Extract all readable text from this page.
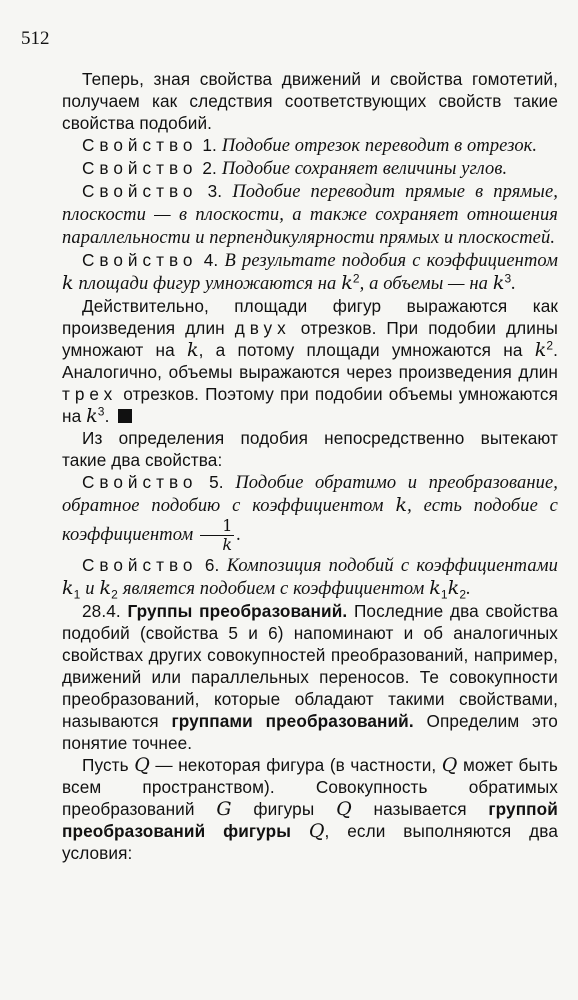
512

Теперь, зная свойства движений и свойства гомотетий, получаем как следствия соответствующих свойств такие свойства подобий.

Свойство 1. Подобие отрезок переводит в отрезок.

Свойство 2. Подобие сохраняет величины углов.

Свойство 3. Подобие переводит прямые в прямые, плоскости — в плоскости, а также сохраняет отношения параллельности и перпендикулярности прямых и плоскостей.

Свойство 4. В результате подобия с коэффициентом k площади фигур умножаются на $k^2$, а объемы — на $k^3$.

Действительно, площади фигур выражаются как произведения длин двух отрезков. При подобии длины умножают на k, а потому площади умножаются на $k^2$. Аналогично, объемы выражаются через произведения длин трех отрезков. Поэтому при подобии объемы умножаются на $k^3$.

Из определения подобия непосредственно вытекают такие два свойства:

Свойство 5. Подобие обратимо и преобразование, обратное подобию с коэффициентом k, есть подобие с коэффициентом $\frac{1}{k}$ .

Свойство 6. Композиция подобий с коэффициентами $k_1$ и $k_2$ является подобием с коэффициентом $k_1k_2$.

28.4. Группы преобразований. Последние два свойства подобий (свойства 5 и 6) напоминают и об аналогичных свойствах других совокупностей преобразований, например, движений или параллельных переносов. Те совокупности преобразований, которые обладают такими свойствами, называются группами преобразований. Определим это понятие точнее.

Пусть Q — некоторая фигура (в частности, Q может быть всем пространством). Совокупность обратимых преобразований G фигуры Q называется группой преобразований фигуры Q, если выполняются два условия:
